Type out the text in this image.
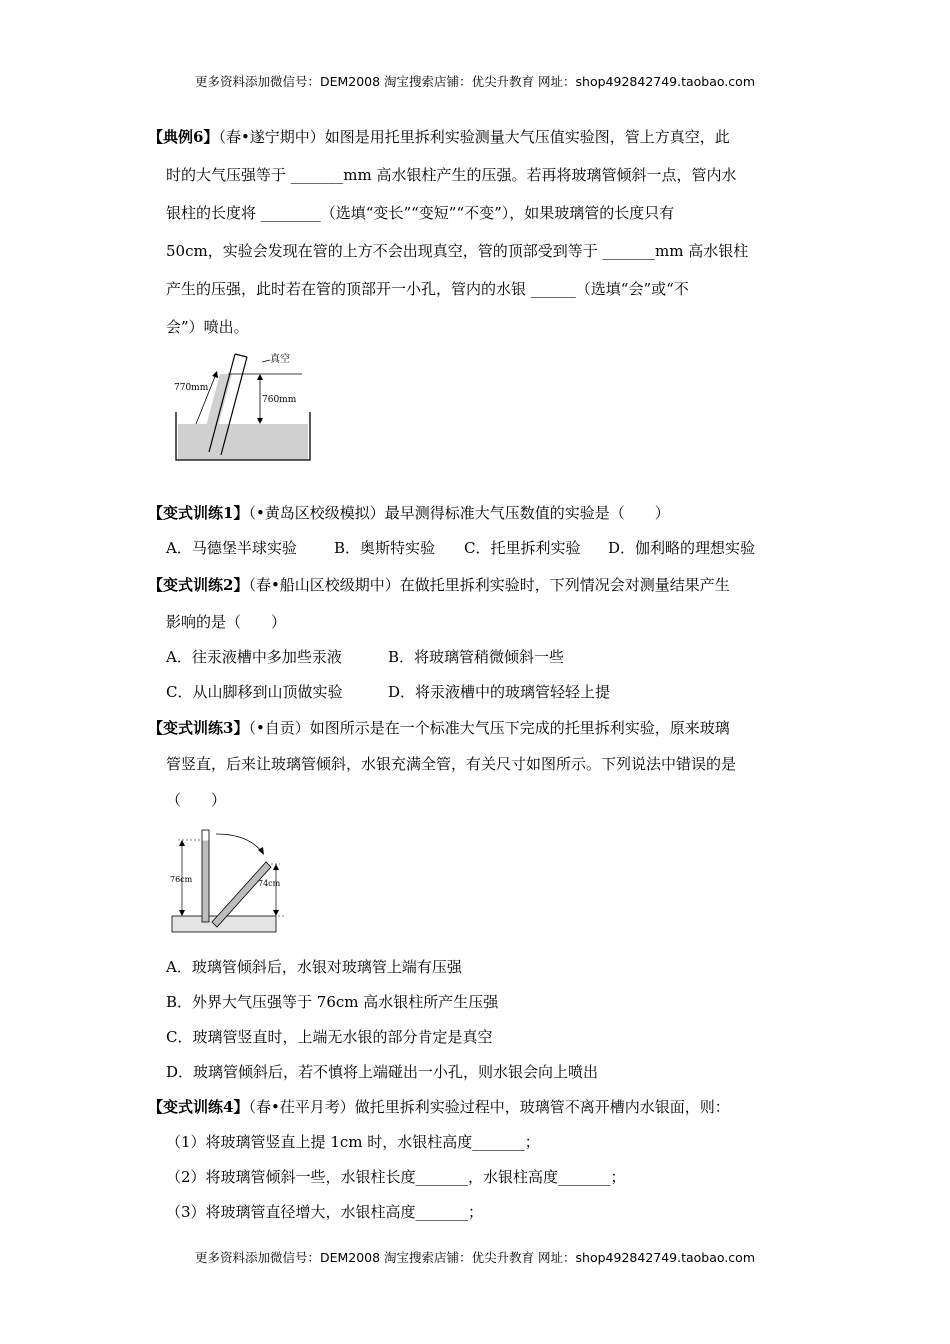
更多资料添加微信号：DEM2008 淘宝搜索店铺：优尖升教育 网址：shop492842749.taobao.com
【典例6】（春•遂宁期中）如图是用托里拆利实验测量大气压值实验图，管上方真空，此
时的大气压强等于 _______mm 高水银柱产生的压强。若再将玻璃管倾斜一点，管内水
银柱的长度将 ________（选填“变长”“变短”“不变”），如果玻璃管的长度只有
50cm，实验会发现在管的上方不会出现真空，管的顶部受到等于 _______mm 高水银柱
产生的压强，此时若在管的顶部开一小孔，管内的水银 ______（选填“会”或“不
会”）喷出。
真空
760mm
770mm
【变式训练1】（•黄岛区校级模拟）最早测得标准大气压数值的实验是（　　）
A．马德堡半球实验 B．奥斯特实验 C．托里拆利实验 D．伽利略的理想实验
【变式训练2】（春•船山区校级期中）在做托里拆利实验时，下列情况会对测量结果产生
影响的是（　　）
A．往汞液槽中多加些汞液	B．将玻璃管稍微倾斜一些
C．从山脚移到山顶做实验	D．将汞液槽中的玻璃管轻轻上提
【变式训练3】（•自贡）如图所示是在一个标准大气压下完成的托里拆利实验，原来玻璃
管竖直，后来让玻璃管倾斜，水银充满全管，有关尺寸如图所示。下列说法中错误的是
（　　）
76cm	74cm
A．玻璃管倾斜后，水银对玻璃管上端有压强
B．外界大气压强等于 76cm 高水银柱所产生压强
C．玻璃管竖直时，上端无水银的部分肯定是真空
D．玻璃管倾斜后，若不慎将上端碰出一小孔，则水银会向上喷出
【变式训练4】（春•茌平月考）做托里拆利实验过程中，玻璃管不离开槽内水银面，则：
（1）将玻璃管竖直上提 1cm 时，水银柱高度_______；
（2）将玻璃管倾斜一些，水银柱长度_______，水银柱高度_______；
（3）将玻璃管直径增大，水银柱高度_______；
更多资料添加微信号：DEM2008 淘宝搜索店铺：优尖升教育 网址：shop492842749.taobao.com
